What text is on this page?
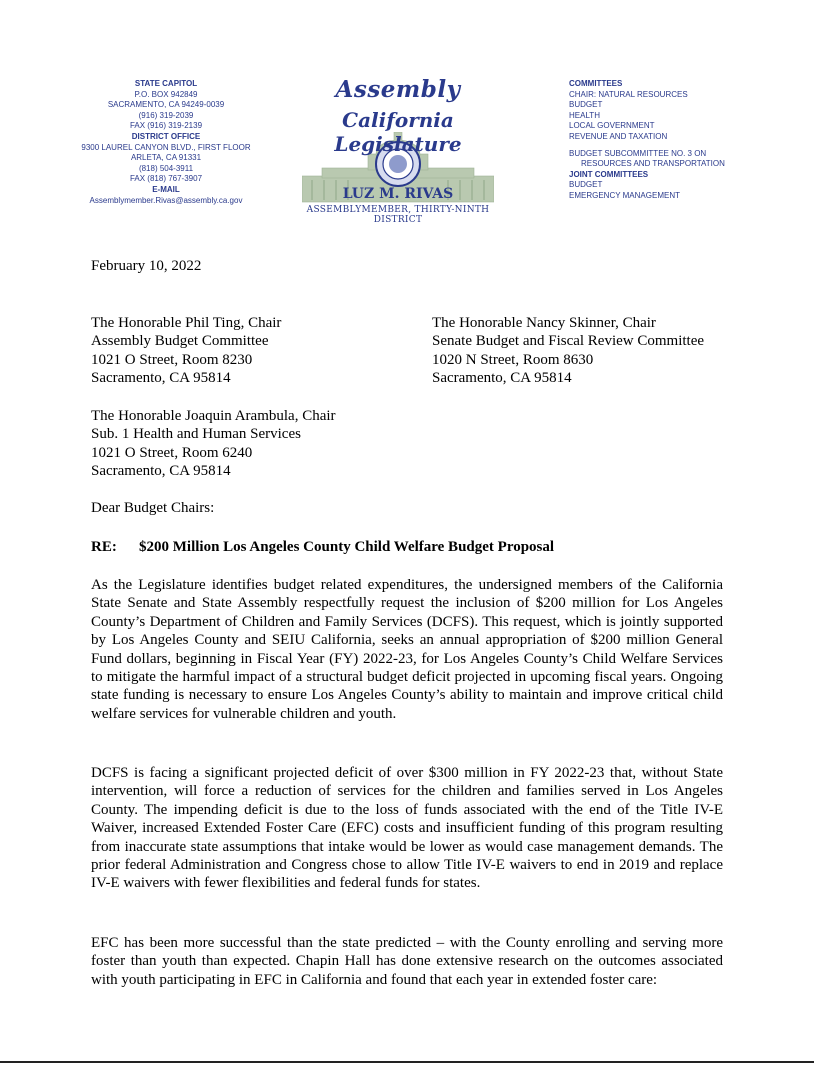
STATE CAPITOL
P.O. BOX 942849
SACRAMENTO, CA 94249-0039
(916) 319-2039
FAX (916) 319-2139
DISTRICT OFFICE
9300 LAUREL CANYON BLVD., FIRST FLOOR
ARLETA, CA 91331
(818) 504-3911
FAX (818) 767-3907
E-MAIL
Assemblymember.Rivas@assembly.ca.gov
Assembly
California Legislature
LUZ M. RIVAS
ASSEMBLYMEMBER, THIRTY-NINTH DISTRICT
COMMITTEES
CHAIR: NATURAL RESOURCES
BUDGET
HEALTH
LOCAL GOVERNMENT
REVENUE AND TAXATION
BUDGET SUBCOMMITTEE NO. 3 ON
RESOURCES AND TRANSPORTATION
JOINT COMMITTEES
BUDGET
EMERGENCY MANAGEMENT
February 10, 2022
The Honorable Phil Ting, Chair
Assembly Budget Committee
1021 O Street, Room 8230
Sacramento, CA 95814
The Honorable Nancy Skinner, Chair
Senate Budget and Fiscal Review Committee
1020 N Street, Room 8630
Sacramento, CA 95814
The Honorable Joaquin Arambula, Chair
Sub. 1 Health and Human Services
1021 O Street, Room 6240
Sacramento, CA 95814
Dear Budget Chairs:
RE: $200 Million Los Angeles County Child Welfare Budget Proposal
As the Legislature identifies budget related expenditures, the undersigned members of the California State Senate and State Assembly respectfully request the inclusion of $200 million for Los Angeles County’s Department of Children and Family Services (DCFS). This request, which is jointly supported by Los Angeles County and SEIU California, seeks an annual appropriation of $200 million General Fund dollars, beginning in Fiscal Year (FY) 2022-23, for Los Angeles County’s Child Welfare Services to mitigate the harmful impact of a structural budget deficit projected in upcoming fiscal years. Ongoing state funding is necessary to ensure Los Angeles County’s ability to maintain and improve critical child welfare services for vulnerable children and youth.
DCFS is facing a significant projected deficit of over $300 million in FY 2022-23 that, without State intervention, will force a reduction of services for the children and families served in Los Angeles County. The impending deficit is due to the loss of funds associated with the end of the Title IV-E Waiver, increased Extended Foster Care (EFC) costs and insufficient funding of this program resulting from inaccurate state assumptions that intake would be lower as would case management demands. The prior federal Administration and Congress chose to allow Title IV-E waivers to end in 2019 and replace IV-E waivers with fewer flexibilities and federal funds for states.
EFC has been more successful than the state predicted – with the County enrolling and serving more foster than youth than expected. Chapin Hall has done extensive research on the outcomes associated with youth participating in EFC in California and found that each year in extended foster care:
